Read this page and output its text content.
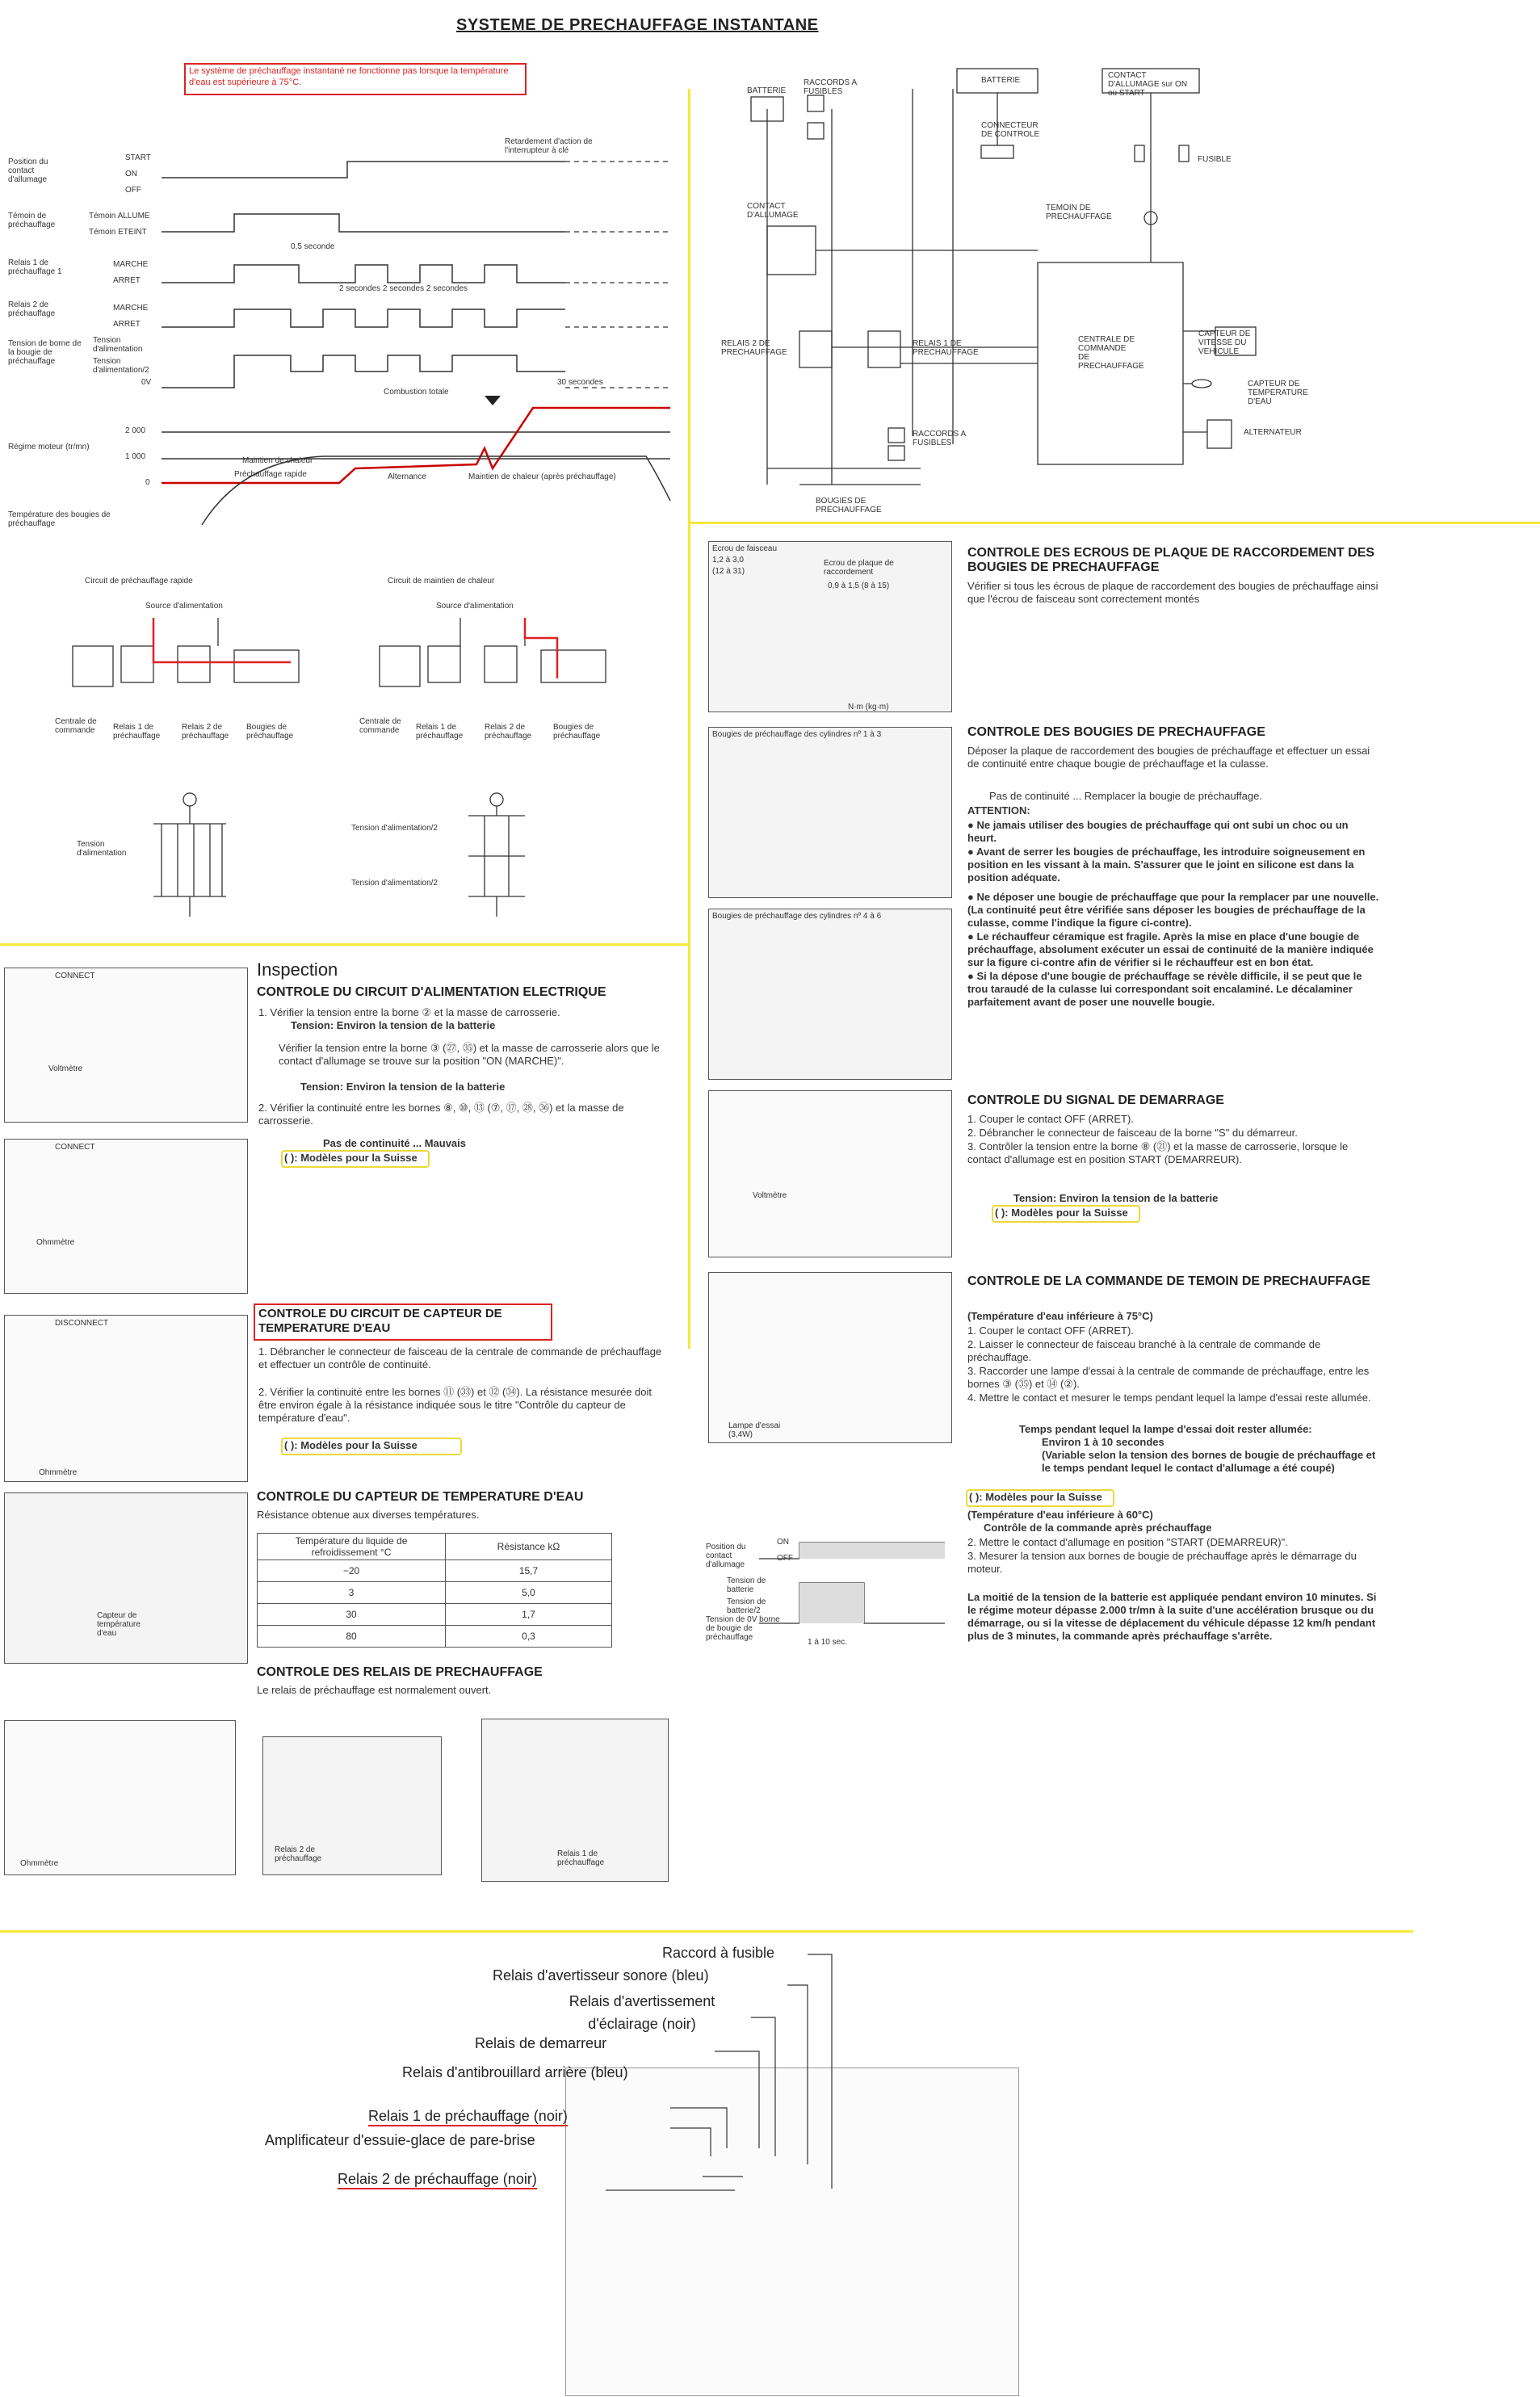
SYSTEME DE PRECHAUFFAGE INSTANTANE
Le système de préchauffage instantané ne fonctionne pas lorsque la température d'eau est supérieure à 75°C.
Position du contact d'allumage
START
ON
OFF
Témoin de préchauffage
Témoin ALLUME
Témoin ETEINT
Relais 1 de préchauffage 1
MARCHE
ARRET
Relais 2 de préchauffage
MARCHE
ARRET
Tension de borne de la bougie de préchauffage
Tension d'alimentation
Tension d'alimentation/2
0V
Régime moteur (tr/mn)
2 000
1 000
0
Température des bougies de préchauffage
Retardement d'action de l'interrupteur à clé
0,5 seconde
2 secondes 2 secondes 2 secondes
Combustion totale
30 secondes
Maintien de chaleur
Préchauffage rapide	Alternance	Maintien de chaleur (après préchauffage)
Circuit de préchauffage rapide	Circuit de maintien de chaleur
Source d'alimentation	Source d'alimentation
Centrale de commande	Relais 1 de préchauffage
Relais 2 de préchauffage
Bougies de préchauffage
Centrale de commande	Relais 1 de préchauffage
Relais 2 de préchauffage
Bougies de préchauffage
Tension d'alimentation
Tension d'alimentation/2
Tension d'alimentation/2
BATTERIE
RACCORDS A FUSIBLES
BATTERIE
CONTACT D'ALLUMAGE sur ON ou START
CONNECTEUR DE CONTROLE
FUSIBLE
CONTACT D'ALLUMAGE
TEMOIN DE PRECHAUFFAGE
CENTRALE DE COMMANDE DE PRECHAUFFAGE
RELAIS 2 DE PRECHAUFFAGE
RELAIS 1 DE PRECHAUFFAGE
CAPTEUR DE VITESSE DU VEHICULE
CAPTEUR DE TEMPERATURE D'EAU
ALTERNATEUR
RACCORDS A FUSIBLES
BOUGIES DE PRECHAUFFAGE
Ecrou de faisceau
1,2 à 3,0
(12 à 31)
Ecrou de plaque de raccordement
0,9 à 1,5 (8 à 15)
N·m (kg·m)
CONTROLE DES ECROUS DE PLAQUE DE RACCORDEMENT DES BOUGIES DE PRECHAUFFAGE
Vérifier si tous les écrous de plaque de raccordement des bougies de préchauffage ainsi que l'écrou de faisceau sont correctement montés
Bougies de préchauffage des cylindres nº 1 à 3
Bougies de préchauffage des cylindres nº 4 à 6
CONTROLE DES BOUGIES DE PRECHAUFFAGE
Déposer la plaque de raccordement des bougies de préchauffage et effectuer un essai de continuité entre chaque bougie de préchauffage et la culasse.
Pas de continuité ... Remplacer la bougie de préchauffage.
ATTENTION:
● Ne jamais utiliser des bougies de préchauffage qui ont subi un choc ou un heurt.
● Avant de serrer les bougies de préchauffage, les introduire soigneusement en position en les vissant à la main. S'assurer que le joint en silicone est dans la position adéquate.
● Ne déposer une bougie de préchauffage que pour la remplacer par une nouvelle. (La continuité peut être vérifiée sans déposer les bougies de préchauffage de la culasse, comme l'indique la figure ci-contre).
● Le réchauffeur céramique est fragile. Après la mise en place d'une bougie de préchauffage, absolument exécuter un essai de continuité de la manière indiquée sur la figure ci-contre afin de vérifier si le réchauffeur est en bon état.
● Si la dépose d'une bougie de préchauffage se révèle difficile, il se peut que le trou taraudé de la culasse lui correspondant soit encalaminé. Le décalaminer parfaitement avant de poser une nouvelle bougie.
Voltmètre
CONTROLE DU SIGNAL DE DEMARRAGE
1. Couper le contact OFF (ARRET).
2. Débrancher le connecteur de faisceau de la borne "S" du démarreur.
3. Contrôler la tension entre la borne ⑧ (㉑) et la masse de carrosserie, lorsque le contact d'allumage est en position START (DEMARREUR).
Tension: Environ la tension de la batterie
( ): Modèles pour la Suisse
Lampe d'essai (3,4W)
CONTROLE DE LA COMMANDE DE TEMOIN DE PRECHAUFFAGE
(Température d'eau inférieure à 75°C)
1. Couper le contact OFF (ARRET).
2. Laisser le connecteur de faisceau branché à la centrale de commande de préchauffage.
3. Raccorder une lampe d'essai à la centrale de commande de préchauffage, entre les bornes ③ (㉟) et ⑭ (②).
4. Mettre le contact et mesurer le temps pendant lequel la lampe d'essai reste allumée.
Temps pendant lequel la lampe d'essai doit rester allumée:
Environ 1 à 10 secondes
(Variable selon la tension des bornes de bougie de préchauffage et le temps pendant lequel le contact d'allumage a été coupé)
( ): Modèles pour la Suisse
Position du contact d'allumage
ON
OFF
Tension de batterie
Tension de batterie/2
Tension de 0V borne de bougie de préchauffage
1 à 10 sec.
(Température d'eau inférieure à 60°C)
Contrôle de la commande après préchauffage
2. Mettre le contact d'allumage en position "START (DEMARREUR)".
3. Mesurer la tension aux bornes de bougie de préchauffage après le démarrage du moteur.
La moitié de la tension de la batterie est appliquée pendant environ 10 minutes. Si le régime moteur dépasse 2.000 tr/mn à la suite d'une accélération brusque ou du démarrage, ou si la vitesse de déplacement du véhicule dépasse 12 km/h pendant plus de 3 minutes, la commande après préchauffage s'arrête.
CONNECT
Voltmètre
CONNECT
Ohmmètre
Inspection
CONTROLE DU CIRCUIT D'ALIMENTATION ELECTRIQUE
1. Vérifier la tension entre la borne ② et la masse de carrosserie.
Tension: Environ la tension de la batterie
Vérifier la tension entre la borne ③ (㉗, ㉟) et la masse de carrosserie alors que le contact d'allumage se trouve sur la position "ON (MARCHE)".
Tension: Environ la tension de la batterie
2. Vérifier la continuité entre les bornes ⑧, ⑩, ⑬ (⑦, ⑰, ㉘, ㊱) et la masse de carrosserie.
Pas de continuité ... Mauvais
( ): Modèles pour la Suisse
DISCONNECT
Ohmmètre
CONTROLE DU CIRCUIT DE CAPTEUR DE TEMPERATURE D'EAU
1. Débrancher le connecteur de faisceau de la centrale de commande de préchauffage et effectuer un contrôle de continuité.
2. Vérifier la continuité entre les bornes ⑪ (㉝) et ⑫ (㉞). La résistance mesurée doit être environ égale à la résistance indiquée sous le titre "Contrôle du capteur de température d'eau".
( ): Modèles pour la Suisse
Capteur de température d'eau
CONTROLE DU CAPTEUR DE TEMPERATURE D'EAU
Résistance obtenue aux diverses températures.
Température du liquide de refroidissement °C	Résistance kΩ
−20	15,7
3	5,0
30	1,7
80	0,3
CONTROLE DES RELAIS DE PRECHAUFFAGE
Le relais de préchauffage est normalement ouvert.
Ohmmètre
Relais 2 de préchauffage
Relais 1 de préchauffage
Raccord à fusible
Relais d'avertisseur sonore (bleu)
Relais d'avertissement d'éclairage (noir)
Relais de demarreur
Relais d'antibrouillard arrière (bleu)
Relais 1 de préchauffage (noir)
Amplificateur d'essuie-glace de pare-brise
Relais 2 de préchauffage (noir)
